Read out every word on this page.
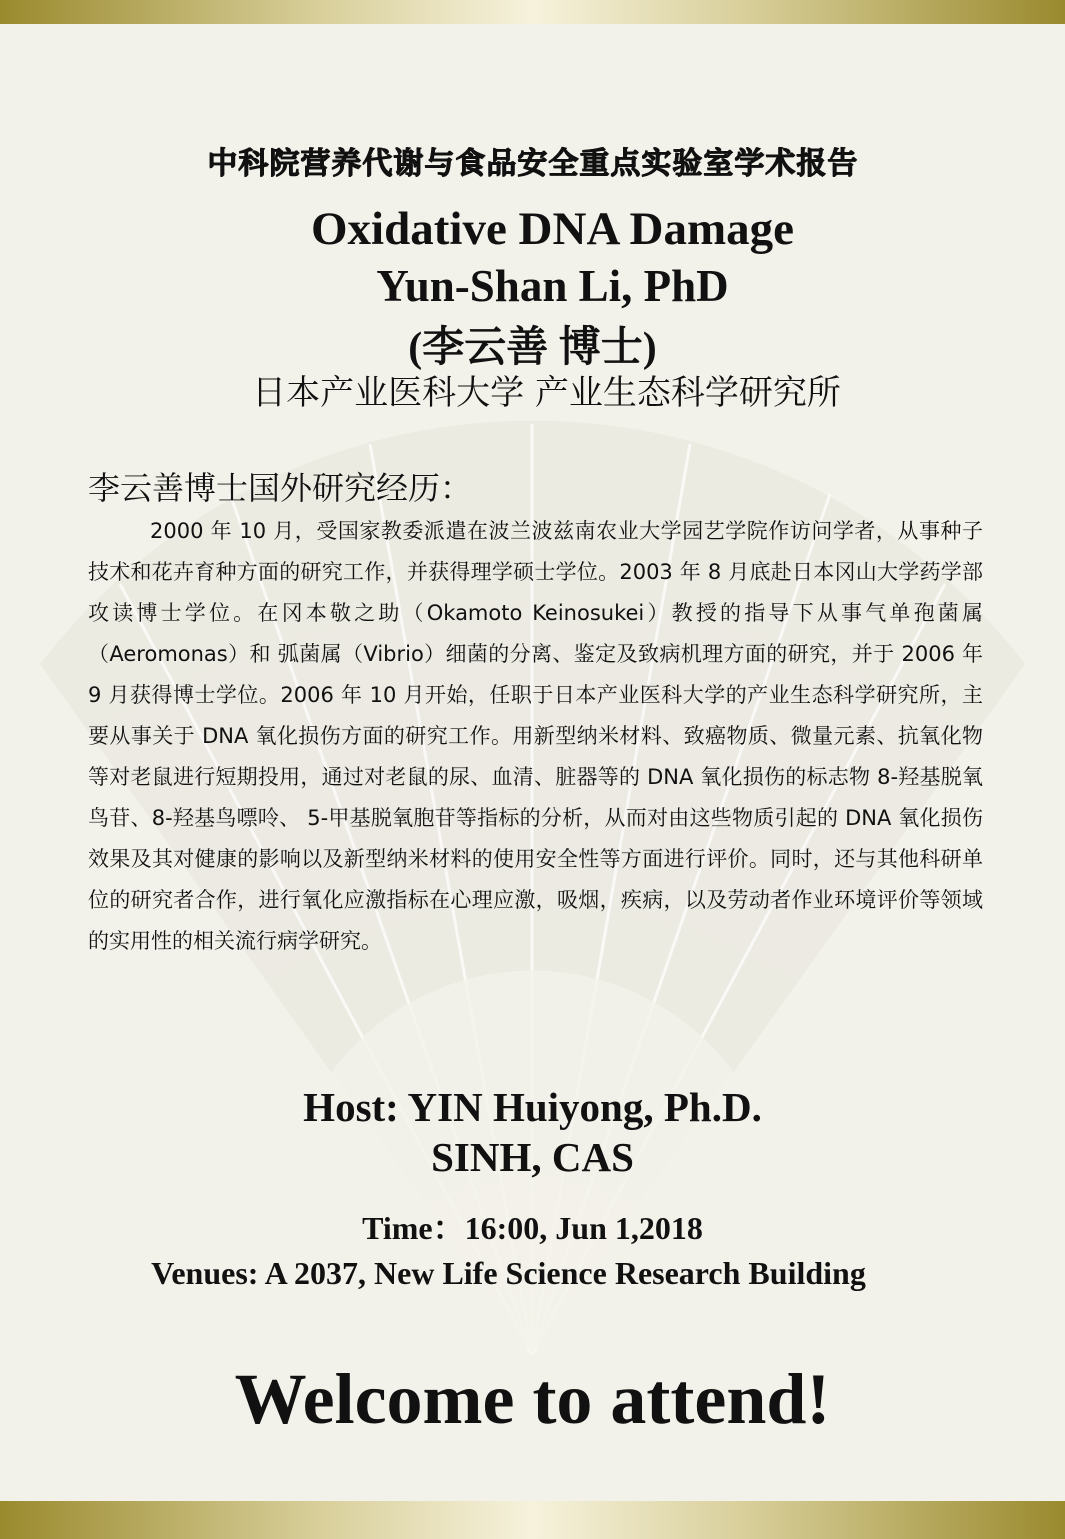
中科院营养代谢与食品安全重点实验室学术报告
Oxidative DNA Damage
Yun-Shan Li, PhD
(李云善 博士)
日本产业医科大学 产业生态科学研究所
李云善博士国外研究经历：
2000 年 10 月，受国家教委派遣在波兰波兹南农业大学园艺学院作访问学者，从事种子技术和花卉育种方面的研究工作，并获得理学硕士学位。2003 年 8 月底赴日本冈山大学药学部攻读博士学位。在冈本敬之助（Okamoto Keinosukei）教授的指导下从事气单孢菌属（Aeromonas）和 弧菌属（Vibrio）细菌的分离、鉴定及致病机理方面的研究，并于 2006 年 9 月获得博士学位。2006 年 10 月开始，任职于日本产业医科大学的产业生态科学研究所，主要从事关于 DNA 氧化损伤方面的研究工作。用新型纳米材料、致癌物质、微量元素、抗氧化物等对老鼠进行短期投用，通过对老鼠的尿、血清、脏器等的 DNA 氧化损伤的标志物 8-羟基脱氧鸟苷、8-羟基鸟嘌呤、 5-甲基脱氧胞苷等指标的分析，从而对由这些物质引起的 DNA 氧化损伤效果及其对健康的影响以及新型纳米材料的使用安全性等方面进行评价。同时，还与其他科研单位的研究者合作，进行氧化应激指标在心理应激，吸烟，疾病，以及劳动者作业环境评价等领域的实用性的相关流行病学研究。
Host: YIN Huiyong, Ph.D.
SINH, CAS
Time：16:00, Jun 1,2018
Venues: A 2037, New Life Science Research Building
Welcome to attend!
